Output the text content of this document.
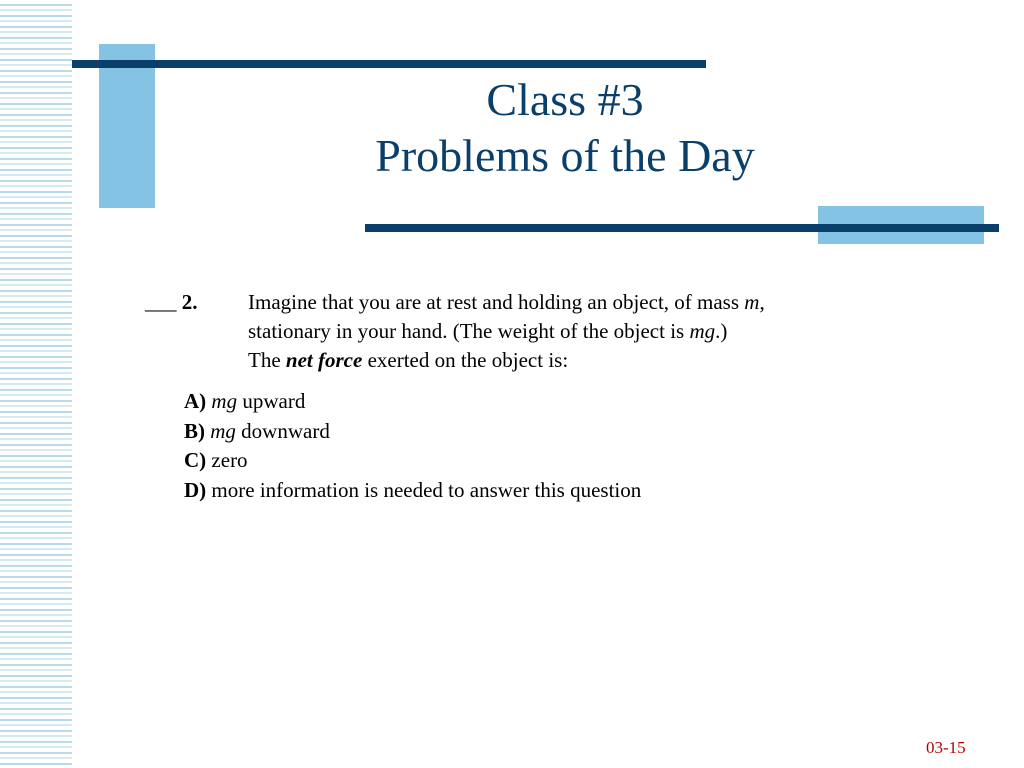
Class #3
Problems of the Day
___ 2. Imagine that you are at rest and holding an object, of mass m,
stationary in your hand. (The weight of the object is mg.)
The net force exerted on the object is:
A) mg upward
B) mg downward
C) zero
D) more information is needed to answer this question
03-15
